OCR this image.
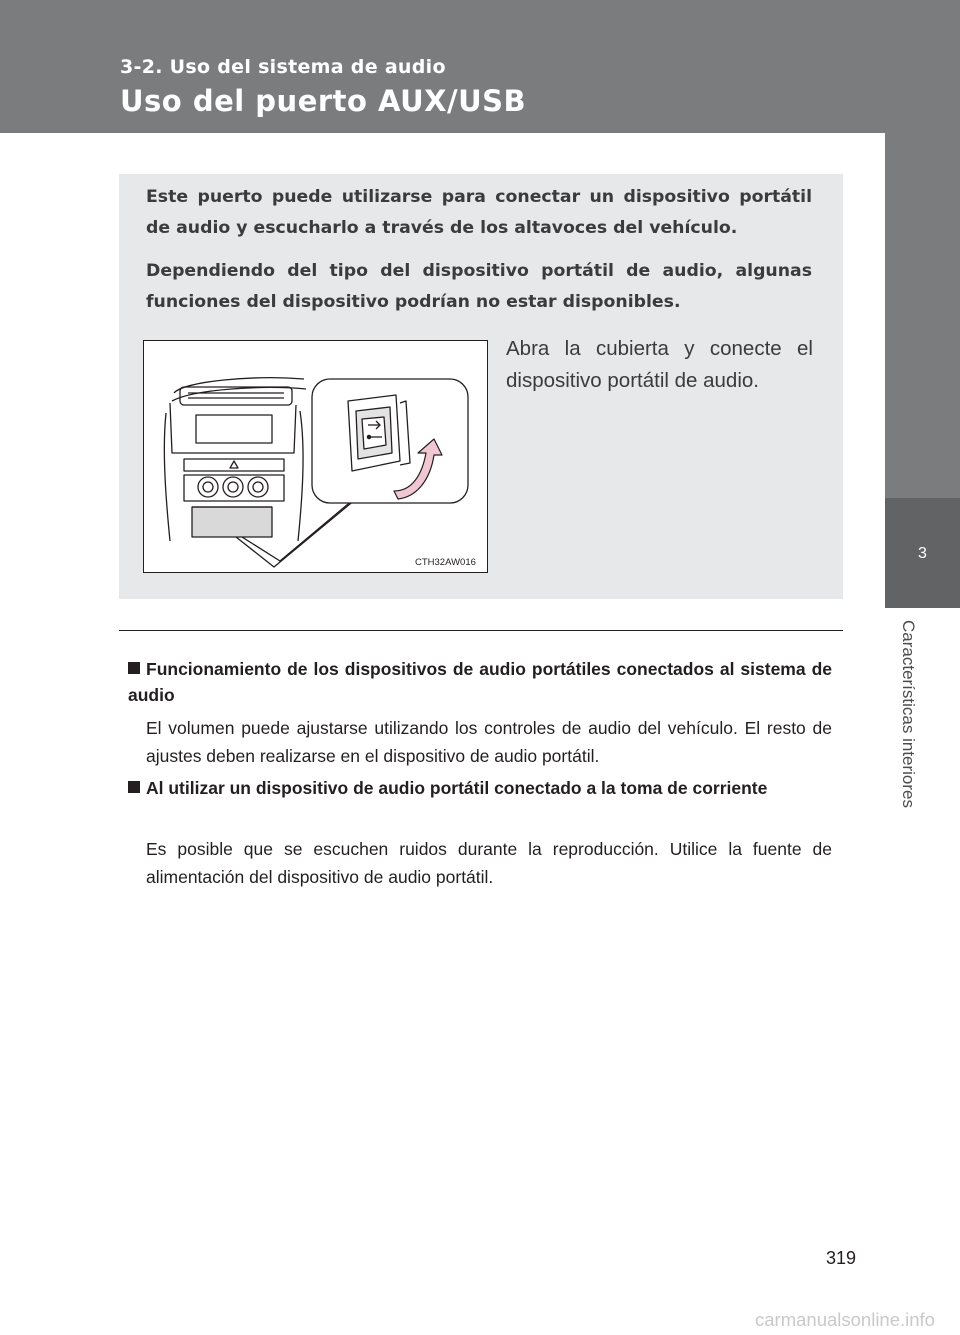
3-2. Uso del sistema de audio
Uso del puerto AUX/USB
3
Características interiores
Este puerto puede utilizarse para conectar un dispositivo portátil de audio y escucharlo a través de los altavoces del vehículo.
Dependiendo del tipo del dispositivo portátil de audio, algunas funciones del dispositivo podrían no estar disponibles.
CTH32AW016
Abra la cubierta y conecte el dispositivo portátil de audio.
Funcionamiento de los dispositivos de audio portátiles conectados al sistema de audio
El volumen puede ajustarse utilizando los controles de audio del vehículo. El resto de ajustes deben realizarse en el dispositivo de audio portátil.
Al utilizar un dispositivo de audio portátil conectado a la toma de corriente
Es posible que se escuchen ruidos durante la reproducción. Utilice la fuente de alimentación del dispositivo de audio portátil.
319
carmanualsonline.info
